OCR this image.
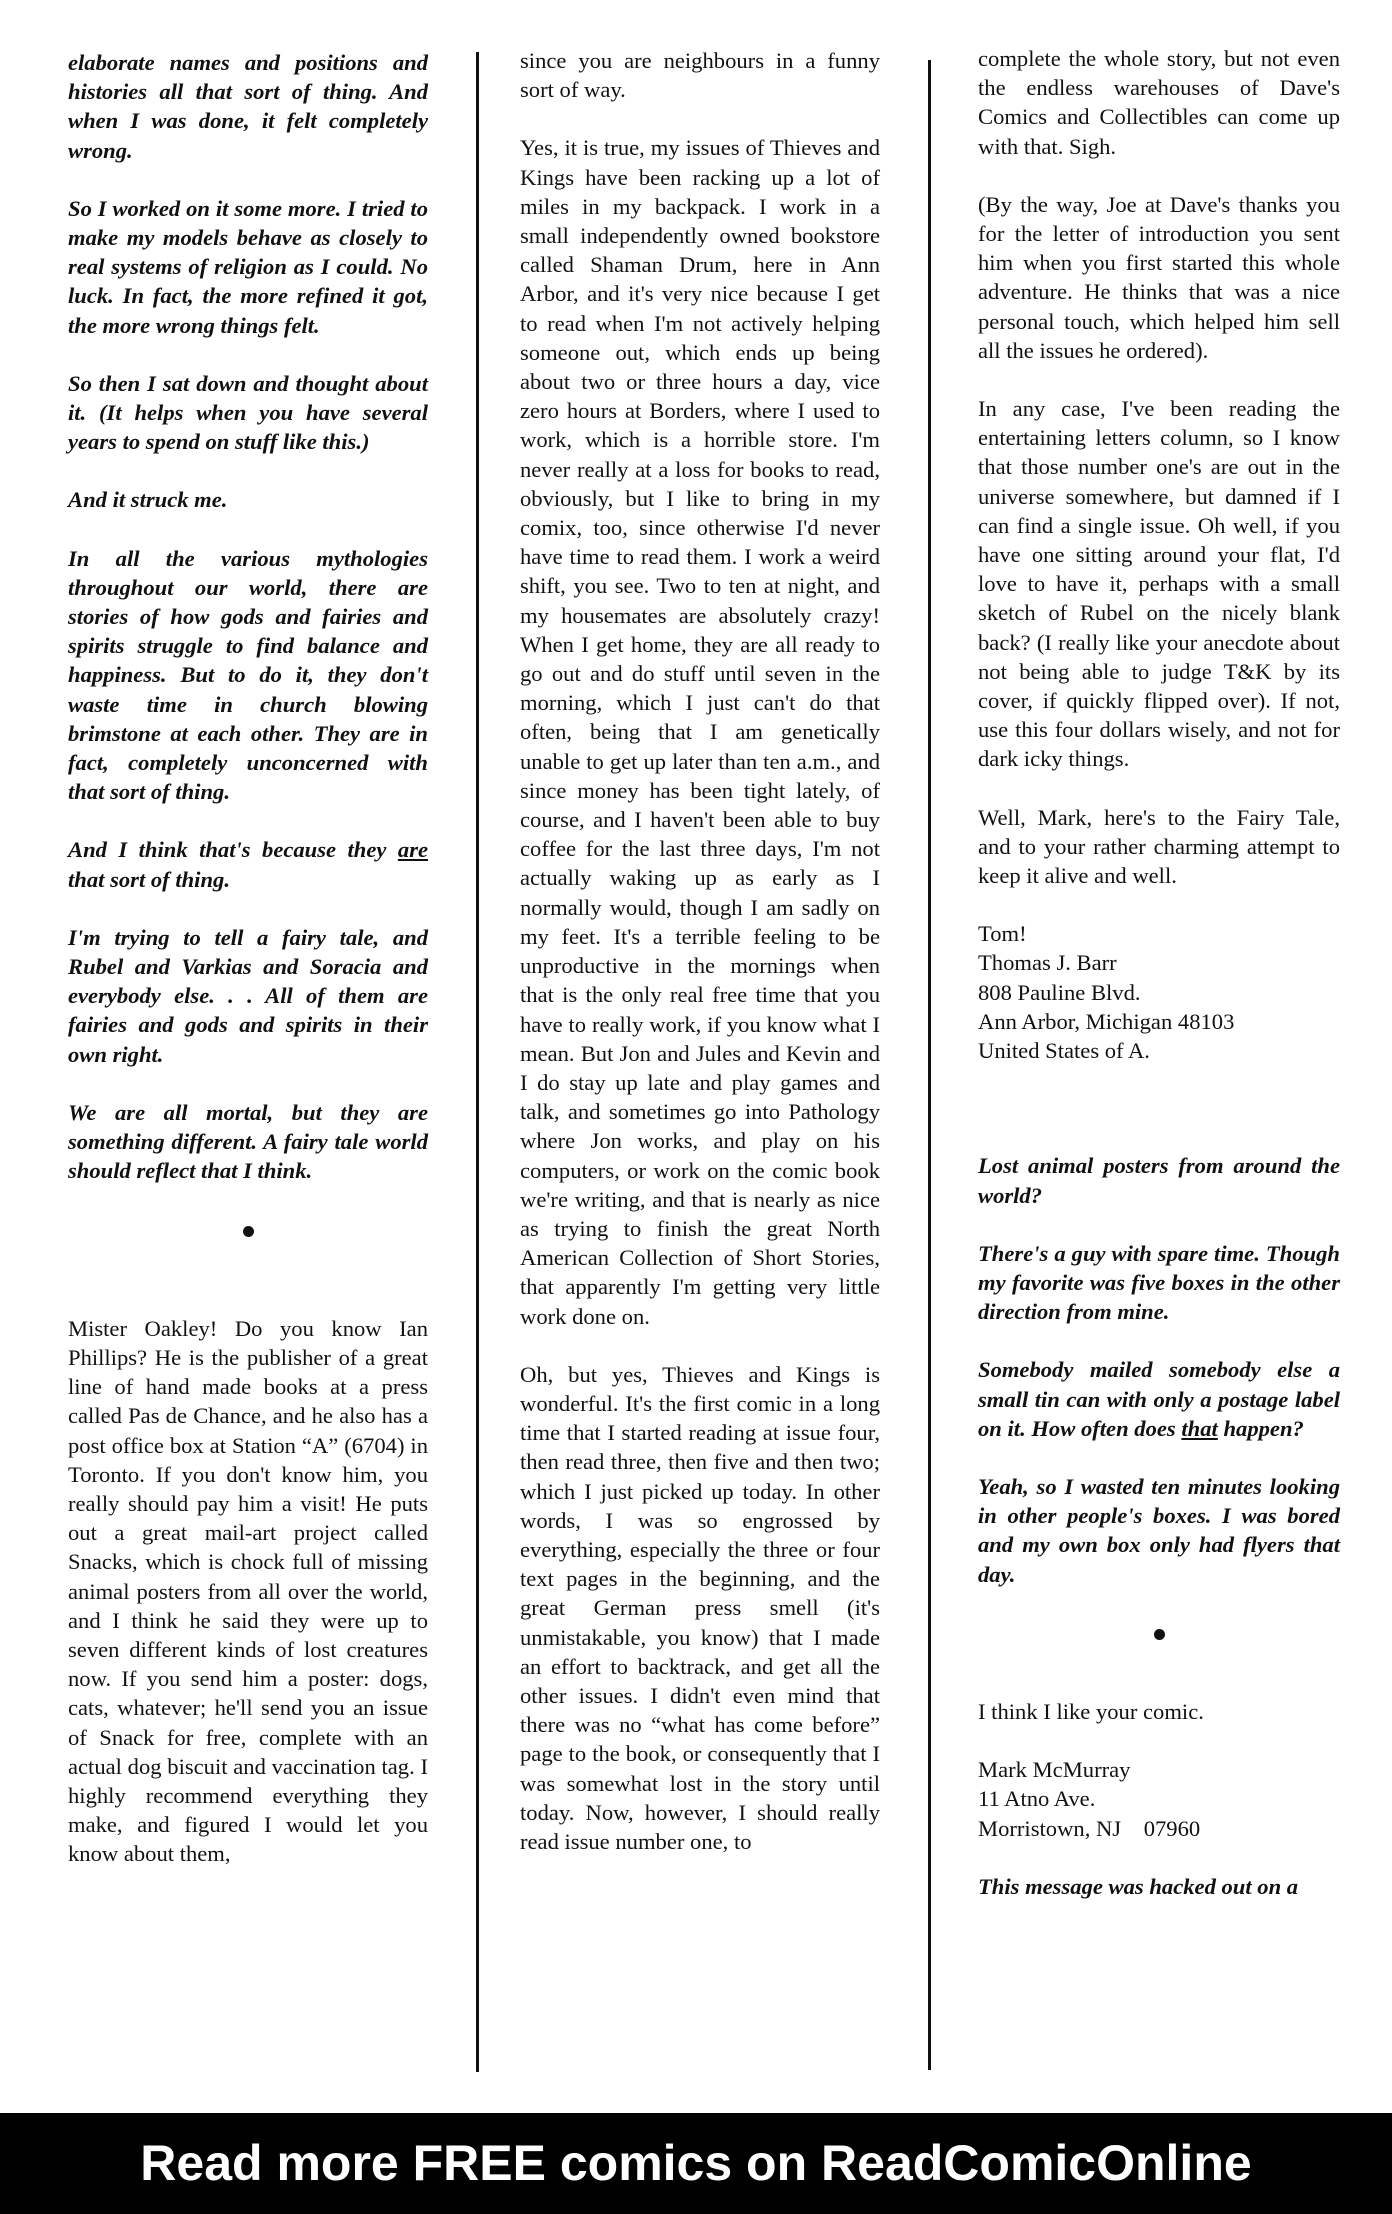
elaborate names and positions and histories all that sort of thing. And when I was done, it felt completely wrong.

So I worked on it some more. I tried to make my models behave as closely to real systems of religion as I could. No luck. In fact, the more refined it got, the more wrong things felt.

So then I sat down and thought about it. (It helps when you have several years to spend on stuff like this.)

And it struck me.

In all the various mythologies throughout our world, there are stories of how gods and fairies and spirits struggle to find balance and happiness. But to do it, they don't waste time in church blowing brimstone at each other. They are in fact, completely unconcerned with that sort of thing.

And I think that's because they are that sort of thing.

I'm trying to tell a fairy tale, and Rubel and Varkias and Soracia and everybody else. . . All of them are fairies and gods and spirits in their own right.

We are all mortal, but they are something different. A fairy tale world should reflect that I think.

Mister Oakley! Do you know Ian Phillips? He is the publisher of a great line of hand made books at a press called Pas de Chance, and he also has a post office box at Station “A” (6704) in Toronto. If you don't know him, you really should pay him a visit! He puts out a great mail-art project called Snacks, which is chock full of missing animal posters from all over the world, and I think he said they were up to seven different kinds of lost creatures now. If you send him a poster: dogs, cats, whatever; he'll send you an issue of Snack for free, complete with an actual dog biscuit and vaccination tag. I highly recommend everything they make, and figured I would let you know about them,

since you are neighbours in a funny sort of way.

Yes, it is true, my issues of Thieves and Kings have been racking up a lot of miles in my backpack. I work in a small independently owned bookstore called Shaman Drum, here in Ann Arbor, and it's very nice because I get to read when I'm not actively helping someone out, which ends up being about two or three hours a day, vice zero hours at Borders, where I used to work, which is a horrible store. I'm never really at a loss for books to read, obviously, but I like to bring in my comix, too, since otherwise I'd never have time to read them. I work a weird shift, you see. Two to ten at night, and my housemates are absolutely crazy! When I get home, they are all ready to go out and do stuff until seven in the morning, which I just can't do that often, being that I am genetically unable to get up later than ten a.m., and since money has been tight lately, of course, and I haven't been able to buy coffee for the last three days, I'm not actually waking up as early as I normally would, though I am sadly on my feet. It's a terrible feeling to be unproductive in the mornings when that is the only real free time that you have to really work, if you know what I mean. But Jon and Jules and Kevin and I do stay up late and play games and talk, and sometimes go into Pathology where Jon works, and play on his computers, or work on the comic book we're writing, and that is nearly as nice as trying to finish the great North American Collection of Short Stories, that apparently I'm getting very little work done on.

Oh, but yes, Thieves and Kings is wonderful. It's the first comic in a long time that I started reading at issue four, then read three, then five and then two; which I just picked up today. In other words, I was so engrossed by everything, especially the three or four text pages in the beginning, and the great German press smell (it's unmistakable, you know) that I made an effort to backtrack, and get all the other issues. I didn't even mind that there was no “what has come before” page to the book, or consequently that I was somewhat lost in the story until today. Now, however, I should really read issue number one, to

complete the whole story, but not even the endless warehouses of Dave's Comics and Collectibles can come up with that. Sigh.

(By the way, Joe at Dave's thanks you for the letter of introduction you sent him when you first started this whole adventure. He thinks that was a nice personal touch, which helped him sell all the issues he ordered).

In any case, I've been reading the entertaining letters column, so I know that those number one's are out in the universe somewhere, but damned if I can find a single issue. Oh well, if you have one sitting around your flat, I'd love to have it, perhaps with a small sketch of Rubel on the nicely blank back? (I really like your anecdote about not being able to judge T&K by its cover, if quickly flipped over). If not, use this four dollars wisely, and not for dark icky things.

Well, Mark, here's to the Fairy Tale, and to your rather charming attempt to keep it alive and well.

Tom!

Thomas J. Barr

808 Pauline Blvd.

Ann Arbor, Michigan 48103

United States of A.

Lost animal posters from around the world?

There's a guy with spare time. Though my favorite was five boxes in the other direction from mine.

Somebody mailed somebody else a small tin can with only a postage label on it. How often does that happen?

Yeah, so I wasted ten minutes looking in other people's boxes. I was bored and my own box only had flyers that day.

I think I like your comic.

Mark McMurray

11 Atno Ave.

Morristown, NJ    07960

This message was hacked out on a

Read more FREE comics on ReadComicOnline
